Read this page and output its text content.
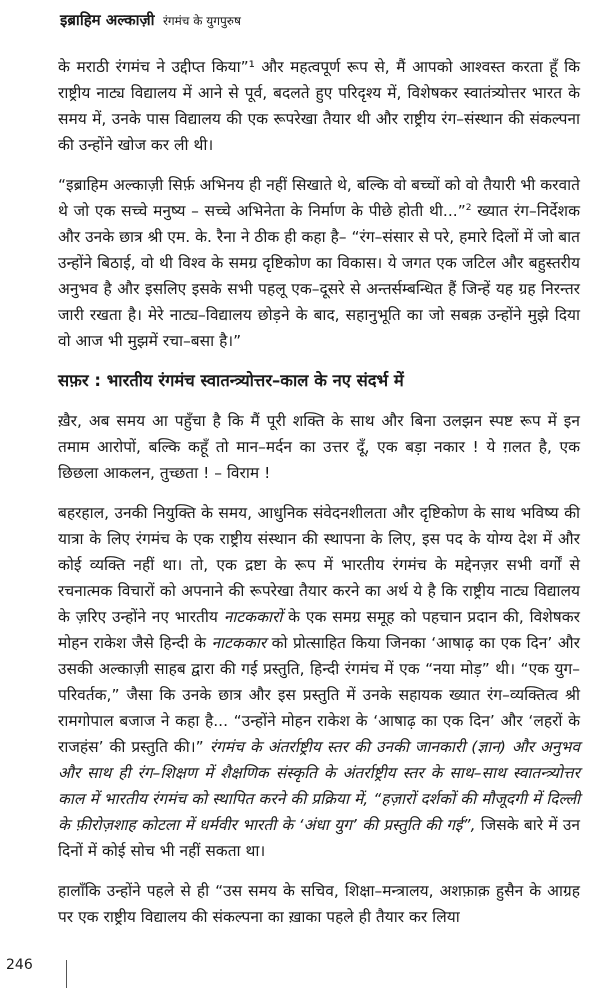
इब्राहिम अल्काज़ी रंगमंच के युगपुरुष

के मराठी रंगमंच ने उद्दीप्त किया”¹ और महत्वपूर्ण रूप से, मैं आपको आश्वस्त करता हूँ कि राष्ट्रीय नाट्य विद्यालय में आने से पूर्व, बदलते हुए परिदृश्य में, विशेषकर स्वातंत्र्योत्तर भारत के समय में, उनके पास विद्यालय की एक रूपरेखा तैयार थी और राष्ट्रीय रंग–संस्थान की संकल्पना की उन्होंने खोज कर ली थी।

“इब्राहिम अल्काज़ी सिर्फ़ अभिनय ही नहीं सिखाते थे, बल्कि वो बच्चों को वो तैयारी भी करवाते थे जो एक सच्चे मनुष्य – सच्चे अभिनेता के निर्माण के पीछे होती थी...”$^2$ ख्यात रंग–निर्देशक और उनके छात्र श्री एम. के. रैना ने ठीक ही कहा है– “रंग–संसार से परे, हमारे दिलों में जो बात उन्होंने बिठाई, वो थी विश्व के समग्र दृष्टिकोण का विकास। ये जगत एक जटिल और बहुस्तरीय अनुभव है और इसलिए इसके सभी पहलू एक–दूसरे से अन्तर्सम्बन्धित हैं जिन्हें यह ग्रह निरन्तर जारी रखता है। मेरे नाट्य–विद्यालय छोड़ने के बाद, सहानुभूति का जो सबक़ उन्होंने मुझे दिया वो आज भी मुझमें रचा–बसा है।”

सफ़र : भारतीय रंगमंच स्वातन्त्र्योत्तर–काल के नए संदर्भ में

ख़ैर, अब समय आ पहुँचा है कि मैं पूरी शक्ति के साथ और बिना उलझन स्पष्ट रूप में इन तमाम आरोपों, बल्कि कहूँ तो मान–मर्दन का उत्तर दूँ, एक बड़ा नकार ! ये ग़लत है, एक छिछला आकलन, तुच्छता ! – विराम !

बहरहाल, उनकी नियुक्ति के समय, आधुनिक संवेदनशीलता और दृष्टिकोण के साथ भविष्य की यात्रा के लिए रंगमंच के एक राष्ट्रीय संस्थान की स्थापना के लिए, इस पद के योग्य देश में और कोई व्यक्ति नहीं था। तो, एक द्रष्टा के रूप में भारतीय रंगमंच के मद्देनज़र सभी वर्गों से रचनात्मक विचारों को अपनाने की रूपरेखा तैयार करने का अर्थ ये है कि राष्ट्रीय नाट्य विद्यालय के ज़रिए उन्होंने नए भारतीय नाटककारों के एक समग्र समूह को पहचान प्रदान की, विशेषकर मोहन राकेश जैसे हिन्दी के नाटककार को प्रोत्साहित किया जिनका ‘आषाढ़ का एक दिन’ और उसकी अल्काज़ी साहब द्वारा की गई प्रस्तुति, हिन्दी रंगमंच में एक “नया मोड़” थी। “एक युग–परिवर्तक,” जैसा कि उनके छात्र और इस प्रस्तुति में उनके सहायक ख्यात रंग–व्यक्तित्व श्री रामगोपाल बजाज ने कहा है... “उन्होंने मोहन राकेश के ‘आषाढ़ का एक दिन’ और ‘लहरों के राजहंस’ की प्रस्तुति की।” रंगमंच के अंतर्राष्ट्रीय स्तर की उनकी जानकारी (ज्ञान) और अनुभव और साथ ही रंग–शिक्षण में शैक्षणिक संस्कृति के अंतर्राष्ट्रीय स्तर के साथ–साथ स्वातन्त्र्योत्तर काल में भारतीय रंगमंच को स्थापित करने की प्रक्रिया में, “हज़ारों दर्शकों की मौजूदगी में दिल्ली के फ़ीरोज़शाह कोटला में धर्मवीर भारती के ‘अंधा युग’ की प्रस्तुति की गई”, जिसके बारे में उन दिनों में कोई सोच भी नहीं सकता था।

हालाँकि उन्होंने पहले से ही “उस समय के सचिव, शिक्षा–मन्त्रालय, अशफ़ाक़ हुसैन के आग्रह पर एक राष्ट्रीय विद्यालय की संकल्पना का ख़ाका पहले ही तैयार कर लिया

246
